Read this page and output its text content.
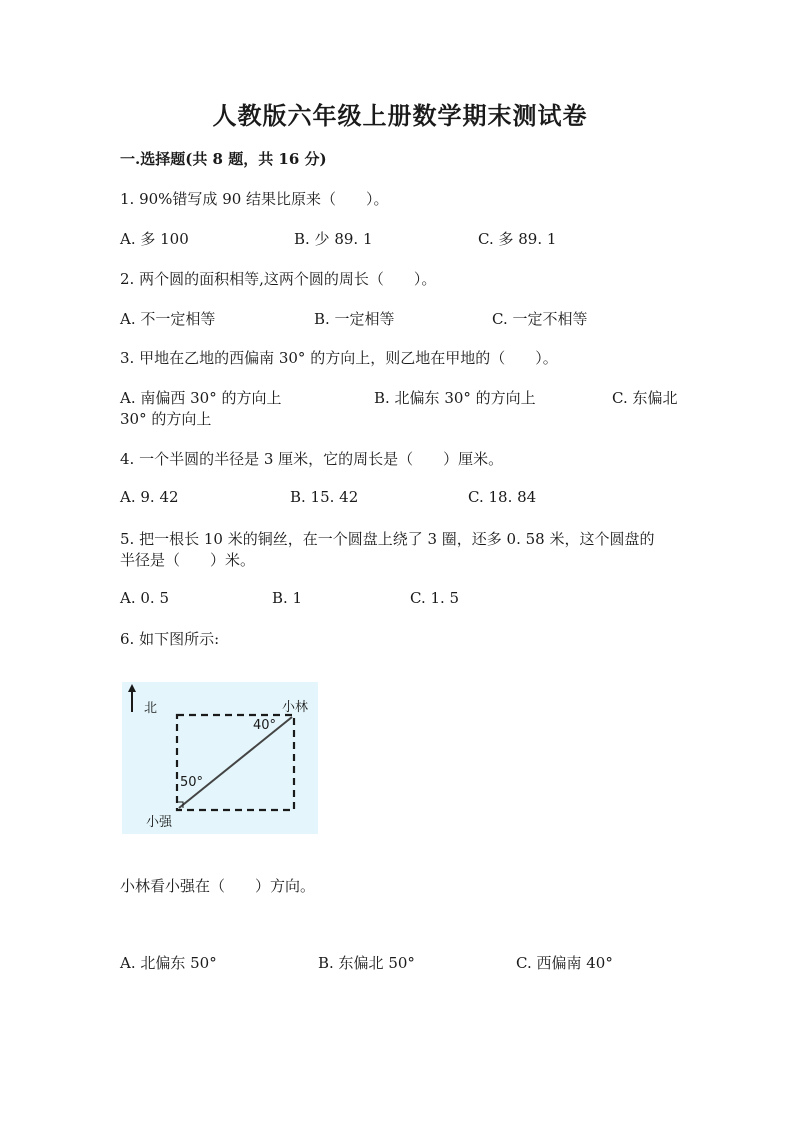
人教版六年级上册数学期末测试卷
一.选择题(共 8 题，共 16 分)
1. 90%错写成 90 结果比原来（　　）。
A. 多 100	B. 少 89. 1	C. 多 89. 1
2. 两个圆的面积相等,这两个圆的周长（　　）。
A. 不一定相等	B. 一定相等	C. 一定不相等
3. 甲地在乙地的西偏南 30° 的方向上，则乙地在甲地的（　　）。
A. 南偏西 30° 的方向上	B. 北偏东 30° 的方向上	C. 东偏北
30° 的方向上
4. 一个半圆的半径是 3 厘米，它的周长是（　　）厘米。
A. 9. 42	B. 15. 42	C. 18. 84
5. 把一根长 10 米的铜丝，在一个圆盘上绕了 3 圈，还多 0. 58 米，这个圆盘的
半径是（　　）米。
A. 0. 5	B. 1	C. 1. 5
6. 如下图所示:
北	小林
40°
50°
小强
小林看小强在（　　）方向。
A. 北偏东 50°	B. 东偏北 50°	C. 西偏南 40°
